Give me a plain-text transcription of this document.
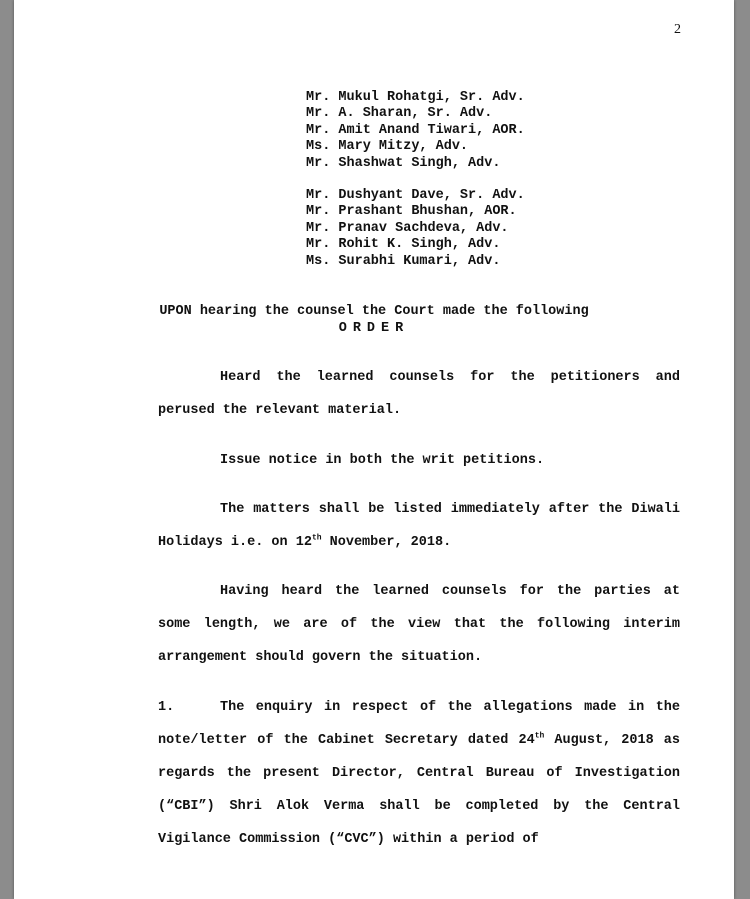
2
Mr. Mukul Rohatgi, Sr. Adv.
Mr. A. Sharan, Sr. Adv.
Mr. Amit Anand Tiwari, AOR.
Ms. Mary Mitzy, Adv.
Mr. Shashwat Singh, Adv.
Mr. Dushyant Dave, Sr. Adv.
Mr. Prashant Bhushan, AOR.
Mr. Pranav Sachdeva, Adv.
Mr. Rohit K. Singh, Adv.
Ms. Surabhi Kumari, Adv.
UPON hearing the counsel the Court made the following
ORDER

Heard the learned counsels for the petitioners and perused the relevant material.

Issue notice in both the writ petitions.

The matters shall be listed immediately after the Diwali Holidays i.e. on 12th November, 2018.

Having heard the learned counsels for the parties at some length, we are of the view that the following interim arrangement should govern the situation.

1.	The enquiry in respect of the allegations made in the note/letter of the Cabinet Secretary dated 24th August, 2018 as regards the present Director, Central Bureau of Investigation (“CBI”) Shri Alok Verma shall be completed by the Central Vigilance Commission (“CVC”) within a period of
